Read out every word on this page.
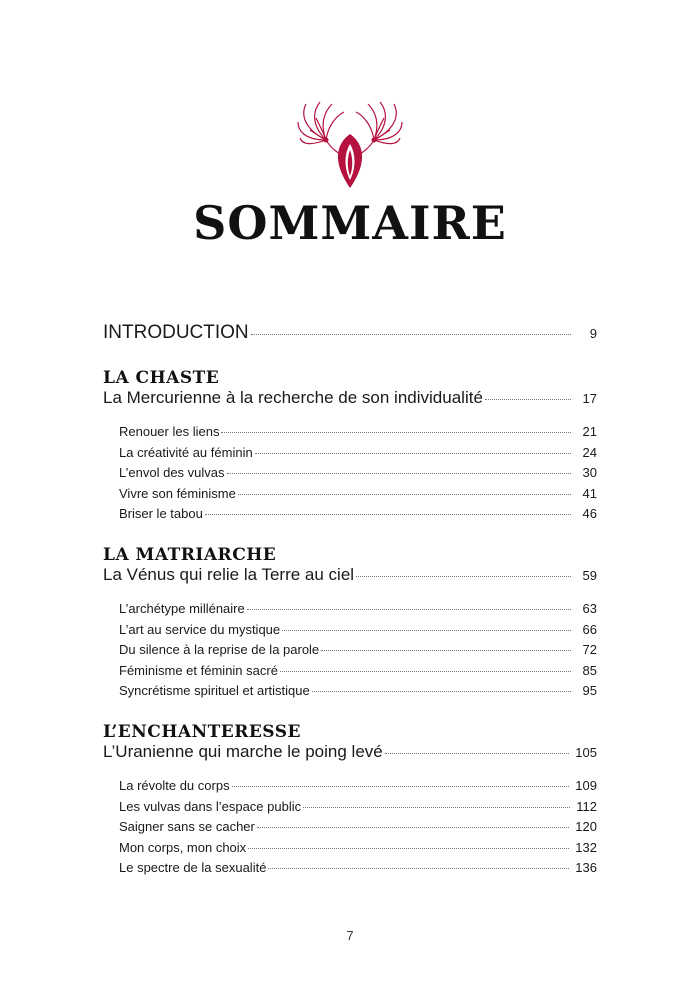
SOMMAIRE
INTRODUCTION	9
LA CHASTE
La Mercurienne à la recherche de son individualité	17
Renouer les liens	21
La créativité au féminin	24
L’envol des vulvas	30
Vivre son féminisme	41
Briser le tabou	46
LA MATRIARCHE
La Vénus qui relie la Terre au ciel	59
L’archétype millénaire	63
L’art au service du mystique	66
Du silence à la reprise de la parole	72
Féminisme et féminin sacré	85
Syncrétisme spirituel et artistique	95
L’ENCHANTERESSE
L’Uranienne qui marche le poing levé	105
La révolte du corps	109
Les vulvas dans l’espace public	112
Saigner sans se cacher	120
Mon corps, mon choix	132
Le spectre de la sexualité	136
7
